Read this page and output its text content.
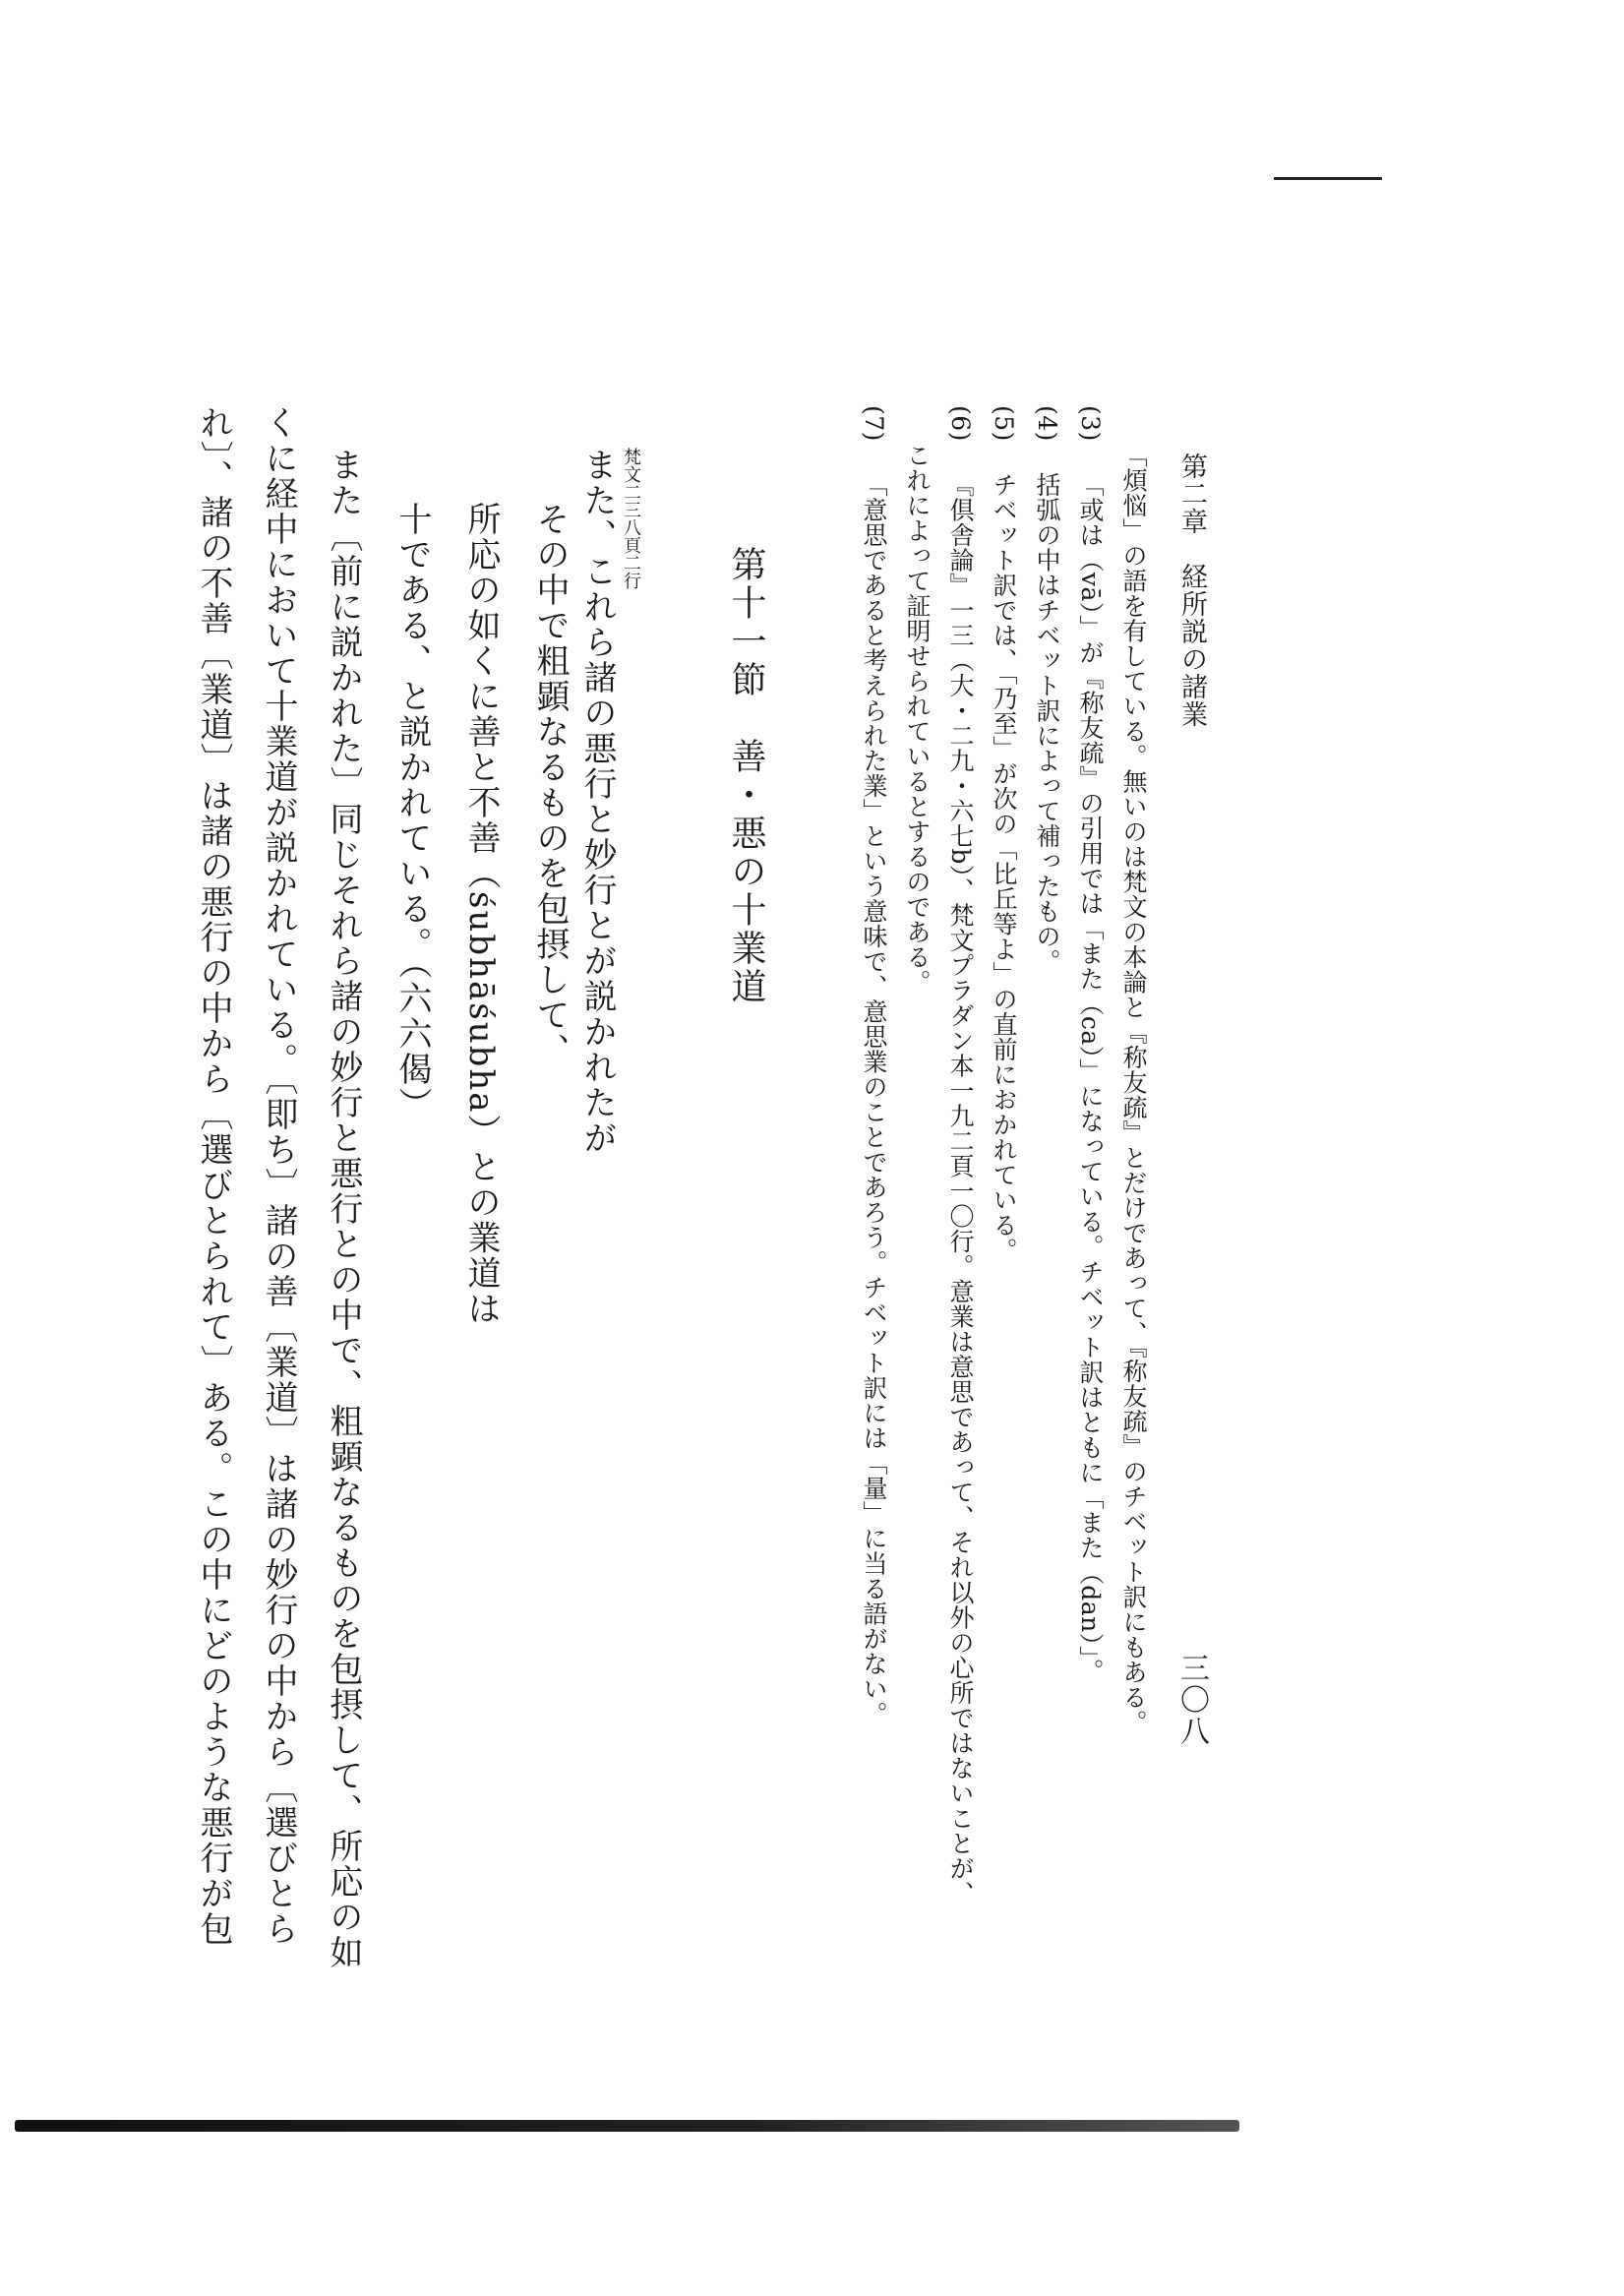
第二章　経所説の諸業
三〇八
「煩悩」の語を有している。無いのは梵文の本論と『称友疏』とだけであって、『称友疏』のチベット訳にもある。
(3)  「或は（vā）」が『称友疏』の引用では「また（ca）」になっている。チベット訳はともに「また（dan）」。
(4)  括弧の中はチベット訳によって補ったもの。
(5)  チベット訳では、「乃至」が次の「比丘等よ」の直前におかれている。
(6)  『倶舎論』一三（大・二九・六七b）、梵文プラダン本一九二頁一〇行。意業は意思であって、それ以外の心所ではないことが、
これによって証明せられているとするのである。
(7)  「意思であると考えられた業」という意味で、意思業のことであろう。チベット訳には「量」に当る語がない。
第十一節　善・悪の十業道
梵文二三八頁二行
また、これら諸の悪行と妙行とが説かれたが
その中で粗顕なるものを包摂して、
所応の如くに善と不善（śubhāśubha）との業道は
十である、と説かれている。（六六偈）
また〔前に説かれた〕同じそれら諸の妙行と悪行との中で、粗顕なるものを包摂して、所応の如
くに経中において十業道が説かれている。〔即ち〕諸の善〔業道〕は諸の妙行の中から〔選びとら
れ〕、諸の不善〔業道〕は諸の悪行の中から〔選びとられて〕ある。この中にどのような悪行が包
